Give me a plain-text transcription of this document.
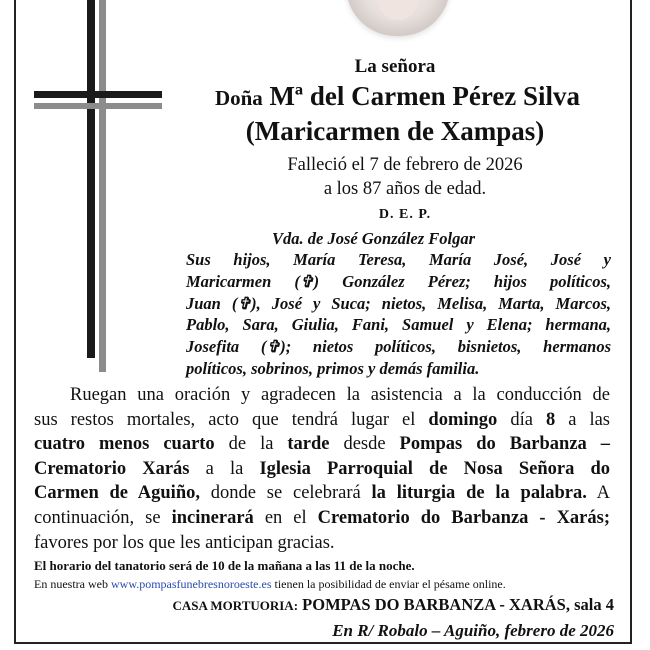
La señora
Doña Mª del Carmen Pérez Silva
(Maricarmen de Xampas)
Falleció el 7 de febrero de 2026
a los 87 años de edad.
D. E. P.
Vda. de José González Folgar
Sus hijos, María Teresa, María José, José y
Maricarmen (✞) González Pérez; hijos políticos,
Juan (✞), José y Suca; nietos, Melisa, Marta, Marcos,
Pablo, Sara, Giulia, Fani, Samuel y Elena; hermana,
Josefita (✞); nietos políticos, bisnietos, hermanos
políticos, sobrinos, primos y demás familia.
Ruegan una oración y agradecen la asistencia a la conducción de
sus restos mortales, acto que tendrá lugar el domingo día 8 a las
cuatro menos cuarto de la tarde desde Pompas do Barbanza –
Crematorio Xarás a la Iglesia Parroquial de Nosa Señora do
Carmen de Aguiño, donde se celebrará la liturgia de la palabra. A
continuación, se incinerará en el Crematorio do Barbanza - Xarás;
favores por los que les anticipan gracias.
El horario del tanatorio será de 10 de la mañana a las 11 de la noche.
En nuestra web www.pompasfunebresnoroeste.es tienen la posibilidad de enviar el pésame online.
CASA MORTUORIA: POMPAS DO BARBANZA - XARÁS, sala 4
En R/ Robalo – Aguiño, febrero de 2026
